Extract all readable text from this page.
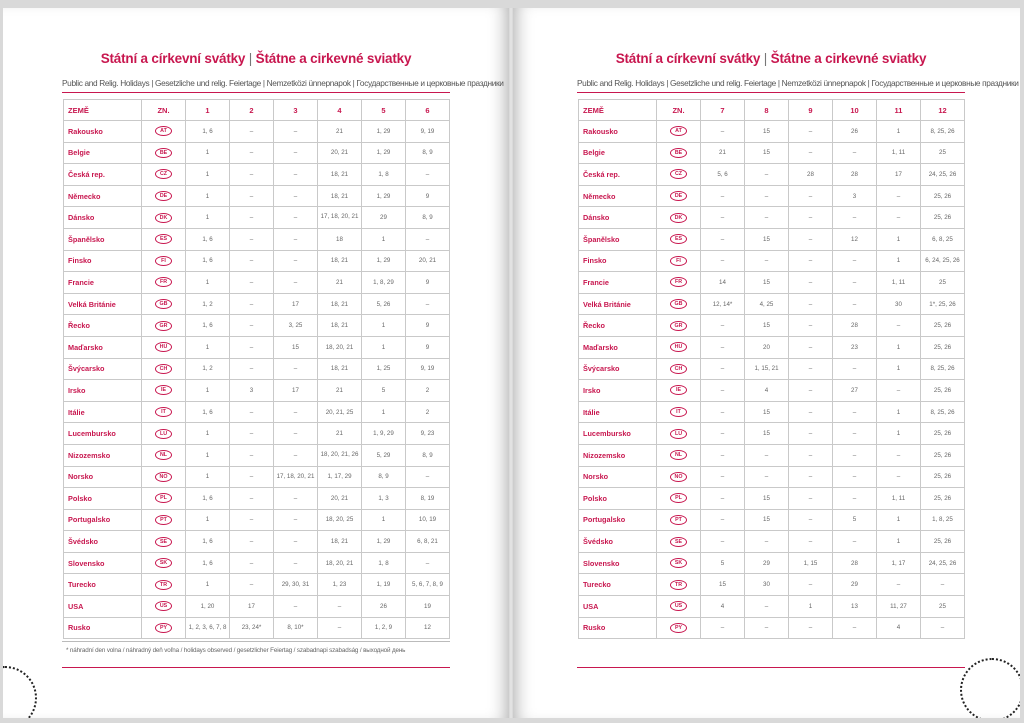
Státní a církevní svátky | Štátne a cirkevné sviatky
Public and Relig. Holidays | Gesetzliche und relig. Feiertage | Nemzetközi ünnepnapok | Государственные и церковные праздники
ZEMĚ	ZN.	1	2	3	4	5	6
Rakousko	AT	1, 6	–	–	21	1, 29	9, 19
Belgie	BE	1	–	–	20, 21	1, 29	8, 9
Česká rep.	CZ	1	–	–	18, 21	1, 8	–
Německo	DE	1	–	–	18, 21	1, 29	9
Dánsko	DK	1	–	–	17, 18, 20, 21	29	8, 9
Španělsko	ES	1, 6	–	–	18	1	–
Finsko	FI	1, 6	–	–	18, 21	1, 29	20, 21
Francie	FR	1	–	–	21	1, 8, 29	9
Velká Británie	GB	1, 2	–	17	18, 21	5, 26	–
Řecko	GR	1, 6	–	3, 25	18, 21	1	9
Maďarsko	HU	1	–	15	18, 20, 21	1	9
Švýcarsko	CH	1, 2	–	–	18, 21	1, 25	9, 19
Irsko	IE	1	3	17	21	5	2
Itálie	IT	1, 6	–	–	20, 21, 25	1	2
Lucembursko	LU	1	–	–	21	1, 9, 29	9, 23
Nizozemsko	NL	1	–	–	18, 20, 21, 26	5, 29	8, 9
Norsko	NO	1	–	17, 18, 20, 21	1, 17, 29	8, 9	–
Polsko	PL	1, 6	–	–	20, 21	1, 3	8, 19
Portugalsko	PT	1	–	–	18, 20, 25	1	10, 19
Švédsko	SE	1, 6	–	–	18, 21	1, 29	6, 8, 21
Slovensko	SK	1, 6	–	–	18, 20, 21	1, 8	–
Turecko	TR	1	–	29, 30, 31	1, 23	1, 19	5, 6, 7, 8, 9
USA	US	1, 20	17	–	–	26	19
Rusko	PY	1, 2, 3, 6, 7, 8	23, 24*	8, 10*	–	1, 2, 9	12
* náhradní den volna / náhradný deň voľna / holidays observed / gesetzlicher Feiertag / szabadnapi szabadság / выходной день
Státní a církevní svátky | Štátne a cirkevné sviatky
Public and Relig. Holidays | Gesetzliche und relig. Feiertage | Nemzetközi ünnepnapok | Государственные и церковные праздники
ZEMĚ	ZN.	7	8	9	10	11	12
Rakousko	AT	–	15	–	26	1	8, 25, 26
Belgie	BE	21	15	–	–	1, 11	25
Česká rep.	CZ	5, 6	–	28	28	17	24, 25, 26
Německo	DE	–	–	–	3	–	25, 26
Dánsko	DK	–	–	–	–	–	25, 26
Španělsko	ES	–	15	–	12	1	6, 8, 25
Finsko	FI	–	–	–	–	1	6, 24, 25, 26
Francie	FR	14	15	–	–	1, 11	25
Velká Británie	GB	12, 14*	4, 25	–	–	30	1*, 25, 26
Řecko	GR	–	15	–	28	–	25, 26
Maďarsko	HU	–	20	–	23	1	25, 26
Švýcarsko	CH	–	1, 15, 21	–	–	1	8, 25, 26
Irsko	IE	–	4	–	27	–	25, 26
Itálie	IT	–	15	–	–	1	8, 25, 26
Lucembursko	LU	–	15	–	–	1	25, 26
Nizozemsko	NL	–	–	–	–	–	25, 26
Norsko	NO	–	–	–	–	–	25, 26
Polsko	PL	–	15	–	–	1, 11	25, 26
Portugalsko	PT	–	15	–	5	1	1, 8, 25
Švédsko	SE	–	–	–	–	1	25, 26
Slovensko	SK	5	29	1, 15	28	1, 17	24, 25, 26
Turecko	TR	15	30	–	29	–	–
USA	US	4	–	1	13	11, 27	25
Rusko	PY	–	–	–	–	4	–
